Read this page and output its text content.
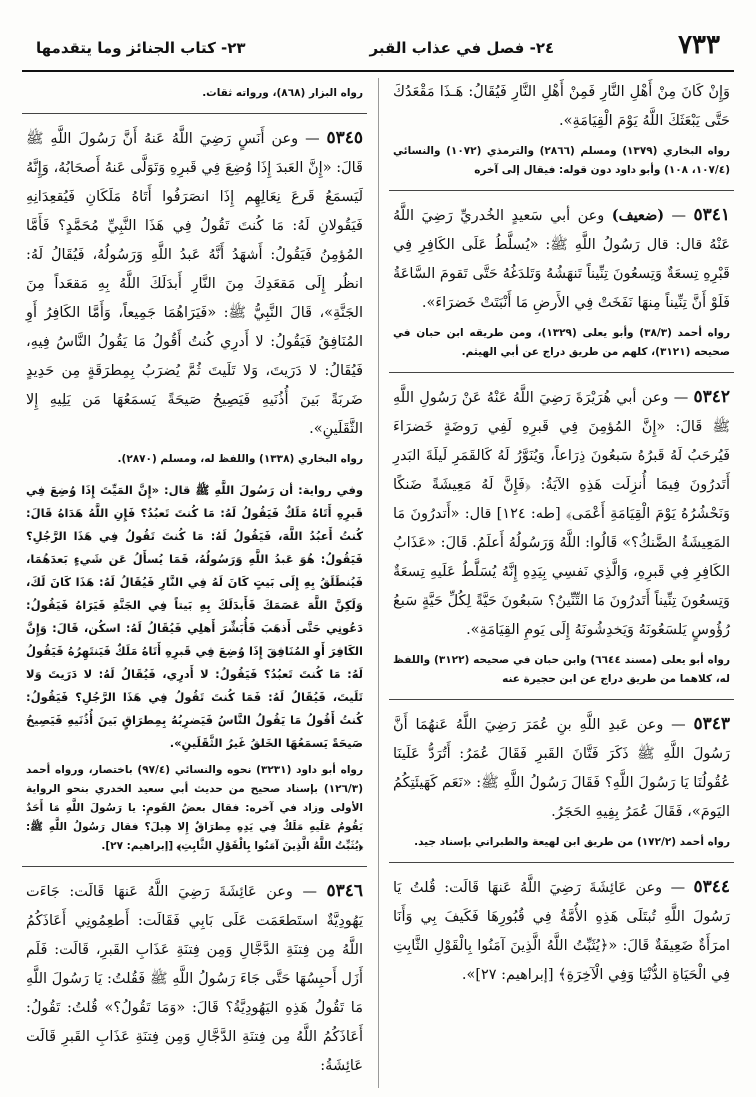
٧٣٣
٢٤- فصل في عذاب القبر
٢٣- كتاب الجنائز وما يتقدمها

وَإِنْ كَانَ مِنْ أَهْلِ النَّارِ فَمِنْ أَهْلِ النَّارِ فَيُقَالُ: هَـذَا مَقْعَدُكَ حَتَّى يَبْعَثَكَ اللَّهُ يَوْمَ الْقِيَامَةِ».

رواه البخاري (١٣٧٩) ومسلم (٢٨٦٦) والترمذي (١٠٧٢) والنسائي (١٠٧/٤، ١٠٨) وأبو داود دون قوله: فيقال إلى آخره

٥٣٤١ — (ضعيف) وعن أبي سَعيدٍ الخُدريِّ رَضِيَ اللَّهُ عَنْهُ قال: قال رَسُولُ اللَّهِ ﷺ: «يُسلَّطُ عَلَى الكَافِرِ فِي قَبْرِهِ تِسعَةٌ وَتِسعُونَ تِنِّيناً تَنهَشُهُ وَتَلدَغُهُ حَتَّى تَقومَ السَّاعَةُ فَلَوْ أَنَّ تِنِّيناً مِنهَا نَفَخَتْ فِي الأَرضِ مَا أَنْبَتَتْ خَضرَاءَ».

رواه أحمد (٣٨/٣) وأبو يعلى (١٣٢٩)، ومن طريقه ابن حبان في صحيحه (٣١٢١)، كلهم من طريق دراج عن أبي الهيثم.

٥٣٤٢ — وعن أبي هُرَيْرَةَ رَضِيَ اللَّهُ عَنْهُ عَنْ رَسُولِ اللَّهِ ﷺ قَالَ: «إِنَّ المُؤمِنَ فِي قَبرِهِ لَفِي رَوضَةٍ خَضرَاءَ فَيُرحَبُ لَهُ قَبرُهُ سَبعُونَ ذِرَاعاً، وَيُنَوَّرُ لَهُ كَالقَمَرِ لَيلَةَ البَدرِ أَتَدرُونَ فِيمَا أُنزِلَت هَذِهِ الآيَةُ: ﴿فَإِنَّ لَهُ مَعِيشَةً ضَنكًا وَنَحْشُرُهُ يَوْمَ الْقِيَامَةِ أَعْمَى﴾ [طه: ١٢٤] قال: «أَتدرُونَ مَا المَعِيشَةُ الضَّنكُ؟» قَالُوا: اللَّهُ وَرَسُولُهُ أَعلَمُ. قَالَ: «عَذَابُ الكَافِرِ فِي قَبرِهِ، وَالَّذِي نَفسِي بِيَدِهِ إِنَّهُ يُسَلَّطُ عَلَيهِ تِسعَةٌ وَتِسعُونَ تِنِّيناً أَتَدرُونَ مَا التِّنِّينُ؟ سَبعُونَ حَيَّةً لِكُلِّ حَيَّةٍ سَبعُ رُؤُوسٍ يَلسَعُونَهُ وَيَخدِشُونَهُ إِلَى يَومِ القِيَامَةِ».

رواه أبو يعلى (مسند ٦٦٤٤) وابن حبان في صحيحه (٣١٢٢) واللفظ له، كلاهما من طريق دراج عن ابن حجيرة عنه

٥٣٤٣ — وعن عَبدِ اللَّهِ بنِ عُمَرَ رَضِيَ اللَّهُ عَنهُمَا أَنَّ رَسُولَ اللَّهِ ﷺ ذَكَرَ فَتَّانَ القَبرِ فَقَالَ عُمَرُ: أَتُرَدُّ عَلَينَا عُقُولُنَا يَا رَسُولَ اللَّهِ؟ فَقَالَ رَسُولُ اللَّهِ ﷺ: «نَعَم كَهَيئَتِكُمُ اليَومَ»، فَقَالَ عُمَرُ بِفِيهِ الحَجَرُ.

رواه أحمد (١٧٢/٢) من طريق ابن لهيعة والطبراني بإسناد جيد.

٥٣٤٤ — وعن عَائِشَةَ رَضِيَ اللَّهُ عَنهَا قَالَت: قُلتُ يَا رَسُولَ اللَّهِ تُبتَلَى هَذِهِ الأُمَّةُ فِي قُبُورِهَا فَكَيفَ بِي وَأَنَا امرَأَةٌ ضَعِيفَةٌ قَالَ: «﴿يُثَبِّتُ اللَّهُ الَّذِينَ آمَنُوا بِالْقَوْلِ الثَّابِتِ فِي الْحَيَاةِ الدُّنْيَا وَفِي الْآخِرَةِ﴾ [إبراهيم: ٢٧]».

رواه البزار (٨٦٨)، ورواته ثقات.

٥٣٤٥ — وعن أَنَسٍ رَضِيَ اللَّهُ عَنهُ أَنَّ رَسُولَ اللَّهِ ﷺ قَالَ: «إِنَّ العَبدَ إِذَا وُضِعَ فِي قَبرِهِ وَتَوَلَّى عَنهُ أَصحَابُهُ، وَإِنَّهُ لَيَسمَعُ قَرعَ نِعَالِهِم إِذَا انصَرَفُوا أَتَاهُ مَلَكَانِ فَيُقعِدَانِهِ فَيَقُولانِ لَهُ: مَا كُنتَ تَقُولُ فِي هَذَا النَّبِيِّ مُحَمَّدٍ؟ فَأَمَّا المُؤمِنُ فَيَقُولُ: أَشهَدُ أَنَّهُ عَبدُ اللَّهِ وَرَسُولُهُ، فَيُقَالُ لَهُ: انظُر إِلَى مَقعَدِكَ مِنَ النَّارِ أَبدَلَكَ اللَّهُ بِهِ مَقعَداً مِنَ الجَنَّةِ»، قَالَ النَّبِيُّ ﷺ: «فَيَرَاهُمَا جَمِيعاً، وَأَمَّا الكَافِرُ أَوِ المُنَافِقُ فَيَقُولُ: لا أَدرِي كُنتُ أَقُولُ مَا يَقُولُ النَّاسُ فِيهِ، فَيُقَالُ: لا دَرَيتَ، وَلا تَلَيتَ ثُمَّ يُضرَبُ بِمِطرَقَةٍ مِن حَدِيدٍ ضَربَةً بَينَ أُذُنَيهِ فَيَصِيحُ صَيحَةً يَسمَعُهَا مَن يَلِيهِ إِلا الثَّقَلَينِ».

رواه البخاري (١٣٣٨) واللفظ له، ومسلم (٢٨٧٠).

وفي رواية: أن رَسُولَ اللَّهِ ﷺ قال: «إِنَّ المَيِّتَ إِذَا وُضِعَ فِي قَبرِهِ أَتَاهُ مَلَكٌ فَيَقُولُ لَهُ: مَا كُنتَ تَعبُدُ؟ فَإِنِ اللَّهُ هَدَاهُ قَالَ: كُنتُ أَعبُدُ اللَّهَ، فَيَقُولُ لَهُ: مَا كُنتَ تَقُولُ فِي هَذَا الرَّجُلِ؟ فَيَقُولُ: هُوَ عَبدُ اللَّهِ وَرَسُولُهُ، فَمَا يُسأَلُ عَن شَيءٍ بَعدَهُمَا، فَيُنطَلَقُ بِهِ إِلَى بَيتٍ كَانَ لَهُ فِي النَّارِ فَيُقَالُ لَهُ: هَذَا كَانَ لَكَ، وَلَكِنَّ اللَّهَ عَصَمَكَ فَأَبدَلَكَ بِهِ بَيتاً فِي الجَنَّةِ فَيَرَاهُ فَيَقُولُ: دَعُونِي حَتَّى أَذهَبَ فَأُبَشِّرَ أَهلِي فَيُقَالُ لَهُ: اسكُن، قَالَ: وَإِنَّ الكَافِرَ أَوِ المُنَافِقَ إِذَا وُضِعَ فِي قَبرِهِ أَتَاهُ مَلَكٌ فَيَنتَهِرُهُ فَيَقُولُ لَهُ: مَا كُنتَ تَعبُدُ؟ فَيَقُولُ: لا أَدرِي، فَيُقَالُ لَهُ: لا دَرَيتَ وَلا تَلَيتَ، فَيُقَالُ لَهُ: فَمَا كُنتَ تَقُولُ فِي هَذَا الرَّجُلِ؟ فَيَقُولُ: كُنتُ أَقُولُ مَا يَقُولُ النَّاسُ فَيَضرِبُهُ بِمِطرَاقٍ بَينَ أُذُنَيهِ فَيَصِيحُ صَيحَةً يَسمَعُهَا الخَلقُ غَيرُ الثَّقَلَينِ».

رواه أبو داود (٣٢٣١) نحوه والنسائي (٩٧/٤) باختصار، ورواه أحمد (١٢٦/٣) بإسناد صحيح من حديث أبي سعيد الخدري بنحو الرواية الأولى وزاد في آخره: فقال بعضُ القَومِ: يا رَسُولَ اللَّهِ مَا أَحَدٌ يَقُومُ عَلَيهِ مَلَكٌ فِي يَدِهِ مِطرَاقٌ إِلا هِيلَ؟ فقال رَسُولُ اللَّهِ ﷺ: ﴿يُثَبِّتُ اللَّهُ الَّذِينَ آمَنُوا بِالْقَوْلِ الثَّابِتِ﴾ [إبراهيم: ٢٧].

٥٣٤٦ — وعن عَائِشَةَ رَضِيَ اللَّهُ عَنهَا قَالَت: جَاءَت يَهُودِيَّةٌ استَطعَمَت عَلَى بَابِي فَقَالَت: أَطعِمُونِي أَعَاذَكُمُ اللَّهُ مِن فِتنَةِ الدَّجَّالِ وَمِن فِتنَةِ عَذَابِ القَبرِ، قَالَت: فَلَم أَزَل أَحبِسُهَا حَتَّى جَاءَ رَسُولُ اللَّهِ ﷺ فَقُلتُ: يَا رَسُولَ اللَّهِ مَا تَقُولُ هَذِهِ اليَهُودِيَّةُ؟ قَالَ: «وَمَا تَقُولُ؟» قُلتُ: تَقُولُ: أَعَاذَكُمُ اللَّهُ مِن فِتنَةِ الدَّجَّالِ وَمِن فِتنَةِ عَذَابِ القَبرِ قَالَت عَائِشَةُ:
